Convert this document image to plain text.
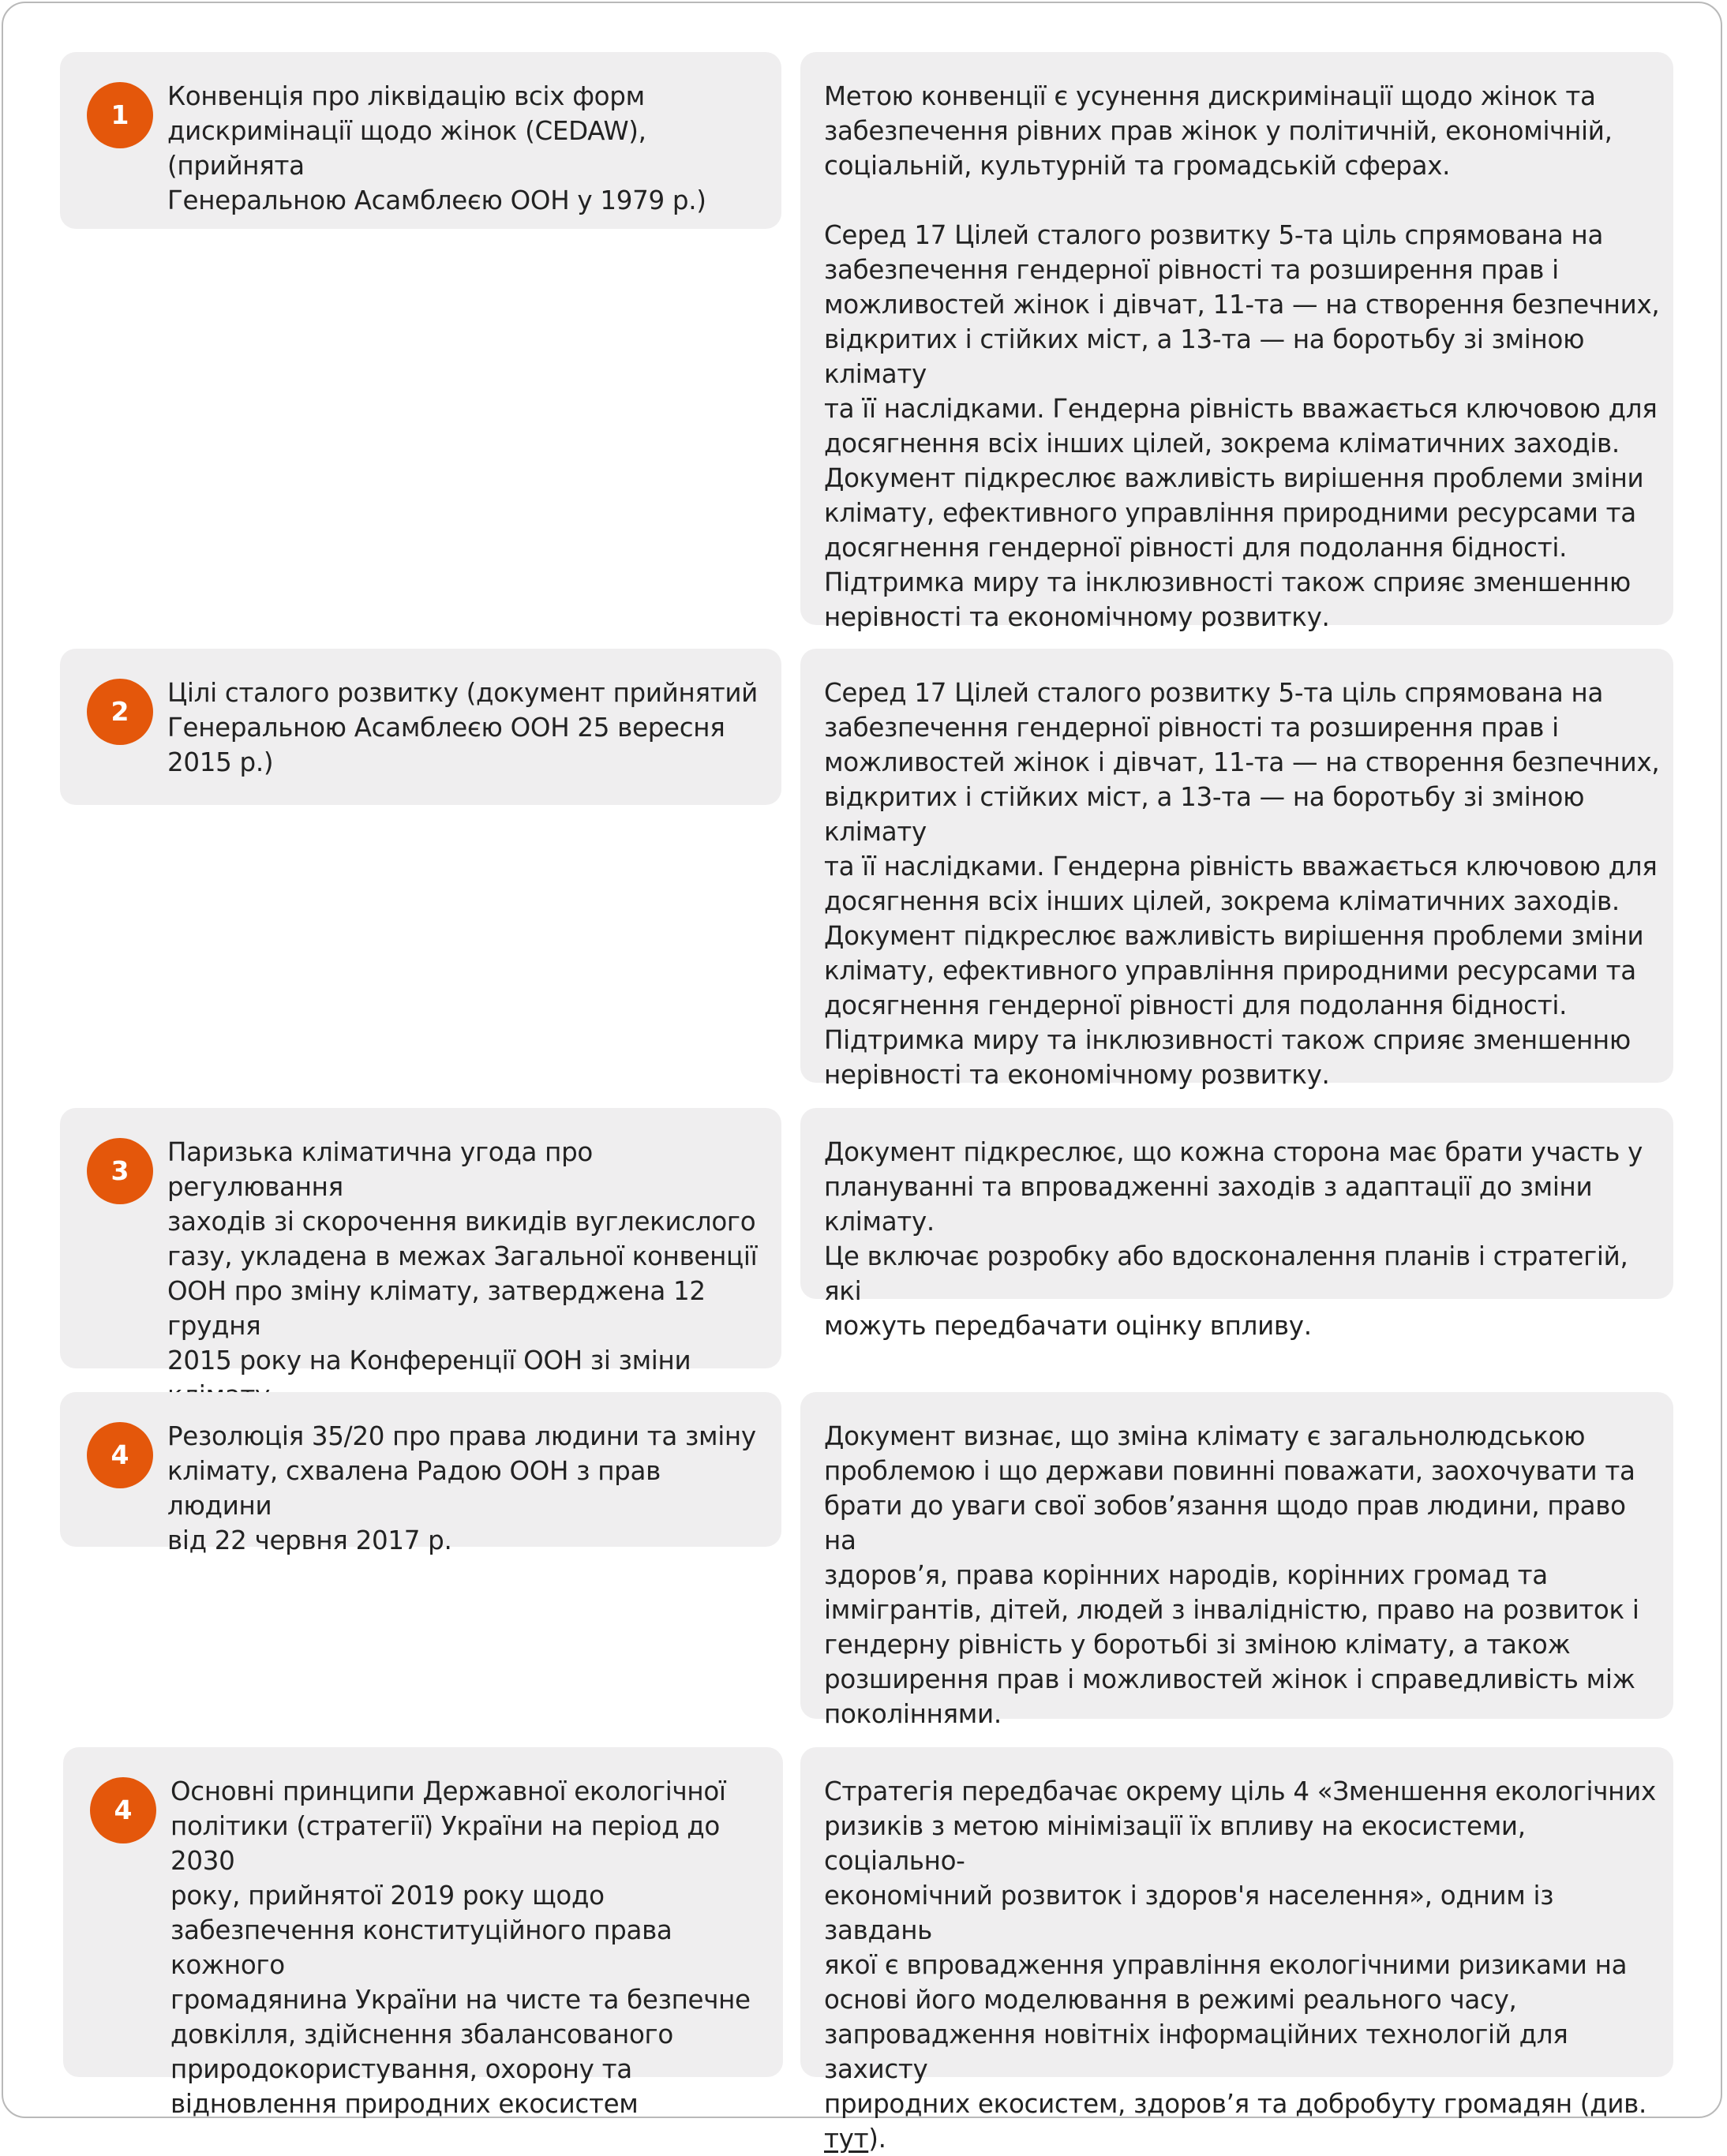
1
Конвенція про ліквідацію всіх форм
дискримінації щодо жінок (CEDAW), (прийнята
Генеральною Асамблеєю ООН у 1979 р.)
Метою конвенції є усунення дискримінації щодо жінок та
забезпечення рівних прав жінок у політичній, економічній,
соціальній, культурній та громадській сферах.
Серед 17 Цілей сталого розвитку 5-та ціль спрямована на
забезпечення гендерної рівності та розширення прав і
можливостей жінок і дівчат, 11-та — на створення безпечних,
відкритих і стійких міст, а 13-та — на боротьбу зі зміною клімату
та її наслідками. Гендерна рівність вважається ключовою для
досягнення всіх інших цілей, зокрема кліматичних заходів.
Документ підкреслює важливість вирішення проблеми зміни
клімату, ефективного управління природними ресурсами та
досягнення гендерної рівності для подолання бідності.
Підтримка миру та інклюзивності також сприяє зменшенню
нерівності та економічному розвитку.
2
Цілі сталого розвитку (документ прийнятий
Генеральною Асамблеєю ООН 25 вересня
2015 р.)
Серед 17 Цілей сталого розвитку 5-та ціль спрямована на
забезпечення гендерної рівності та розширення прав і
можливостей жінок і дівчат, 11-та — на створення безпечних,
відкритих і стійких міст, а 13-та — на боротьбу зі зміною клімату
та її наслідками. Гендерна рівність вважається ключовою для
досягнення всіх інших цілей, зокрема кліматичних заходів.
Документ підкреслює важливість вирішення проблеми зміни
клімату, ефективного управління природними ресурсами та
досягнення гендерної рівності для подолання бідності.
Підтримка миру та інклюзивності також сприяє зменшенню
нерівності та економічному розвитку.
3
Паризька кліматична угода про регулювання
заходів зі скорочення викидів вуглекислого
газу, укладена в межах Загальної конвенції
ООН про зміну клімату, затверджена 12 грудня
2015 року на Конференції ООН зі зміни

Документ підкреслює, що кожна сторона має брати участь у
плануванні та впровадженні заходів з адаптації до зміни клімату.
Це включає розробку або вдосконалення планів і стратегій, які
можуть передбачати оцінку впливу.
4
Резолюція 35/20 про права людини та зміну
клімату, схвалена Радою ООН з прав людини
від 22 червня 2017 р.
Документ визнає, що зміна клімату є загальнолюдською
проблемою і що держави повинні поважати, заохочувати та
брати до уваги свої зобов’язання щодо прав людини, право на
здоров’я, права корінних народів, корінних громад та
іммігрантів, дітей, людей з інвалідністю, право на розвиток і
гендерну рівність у боротьбі зі зміною клімату, а також
розширення прав і можливостей жінок і справедливість між
поколіннями.
4
Основні принципи Державної екологічної
політики (стратегії) України на період до 2030
року, прийнятої 2019 року щодо
забезпечення конституційного права кожного
громадянина України на чисте та безпечне
довкілля, здійснення збалансованого
природокористування, охорону та
відновлення природних екосистем
Стратегія передбачає окрему ціль 4 «Зменшення екологічних
ризиків з метою мінімізації їх впливу на екосистеми, соціально-
економічний розвиток і здоров'я населення», одним із завдань
якої є впровадження управління екологічними ризиками на
основі його моделювання в режимі реального часу,
запровадження новітніх інформаційних технологій для захисту
природних екосистем, здоров’я та добробуту громадян (див.
тут).
